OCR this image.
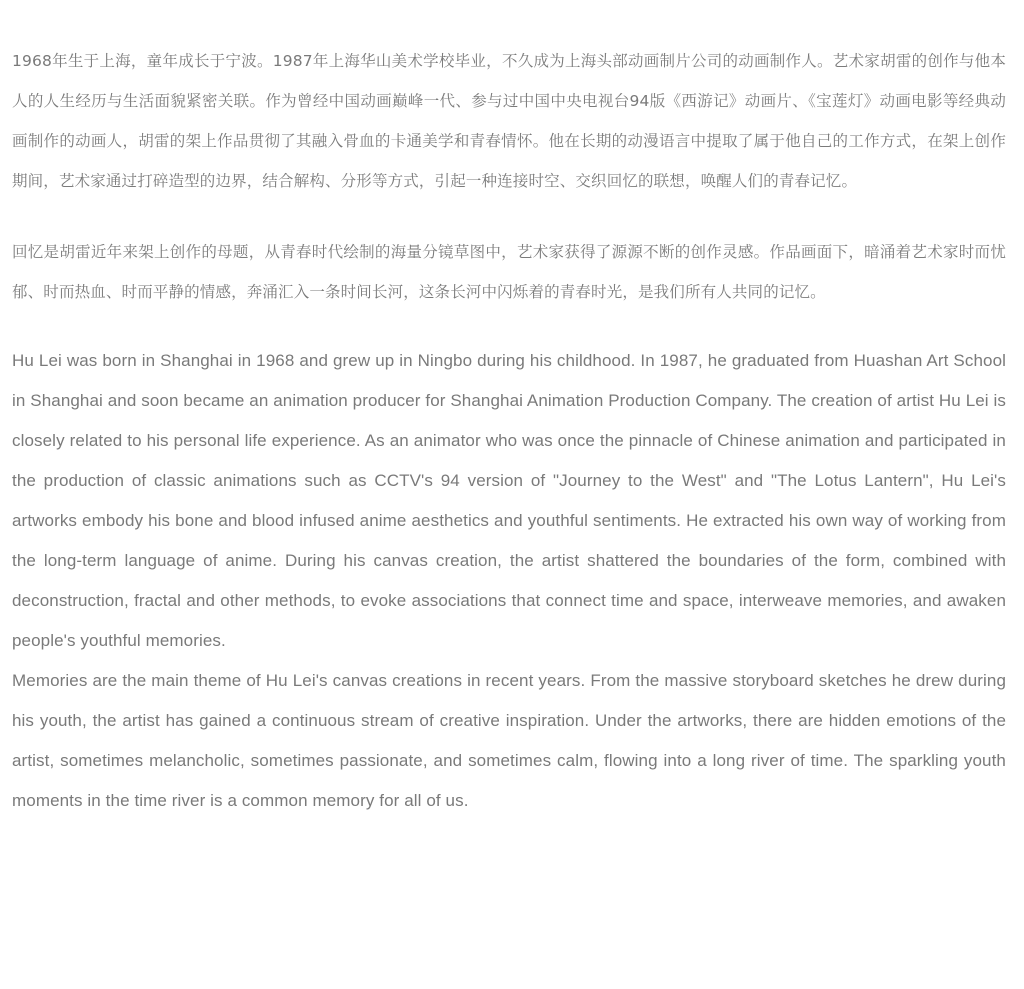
1968年生于上海，童年成长于宁波。1987年上海华山美术学校毕业，不久成为上海头部动画制片公司的动画制作人。艺术家胡雷的创作与他本人的人生经历与生活面貌紧密关联。作为曾经中国动画巅峰一代、参与过中国中央电视台94版《西游记》动画片、《宝莲灯》动画电影等经典动画制作的动画人，胡雷的架上作品贯彻了其融入骨血的卡通美学和青春情怀。他在长期的动漫语言中提取了属于他自己的工作方式，在架上创作期间，艺术家通过打碎造型的边界，结合解构、分形等方式，引起一种连接时空、交织回忆的联想，唤醒人们的青春记忆。

回忆是胡雷近年来架上创作的母题，从青春时代绘制的海量分镜草图中，艺术家获得了源源不断的创作灵感。作品画面下，暗涌着艺术家时而忧郁、时而热血、时而平静的情感，奔涌汇入一条时间长河，这条长河中闪烁着的青春时光，是我们所有人共同的记忆。

Hu Lei was born in Shanghai in 1968 and grew up in Ningbo during his childhood. In 1987, he graduated from Huashan Art School in Shanghai and soon became an animation producer for Shanghai Animation Production Company. The creation of artist Hu Lei is closely related to his personal life experience. As an animator who was once the pinnacle of Chinese animation and participated in the production of classic animations such as CCTV's 94 version of "Journey to the West" and "The Lotus Lantern", Hu Lei's artworks embody his bone and blood infused anime aesthetics and youthful sentiments. He extracted his own way of working from the long-term language of anime. During his canvas creation, the artist shattered the boundaries of the form, combined with deconstruction, fractal and other methods, to evoke associations that connect time and space, interweave memories, and awaken people's youthful memories.

Memories are the main theme of Hu Lei's canvas creations in recent years. From the massive storyboard sketches he drew during his youth, the artist has gained a continuous stream of creative inspiration. Under the artworks, there are hidden emotions of the artist, sometimes melancholic, sometimes passionate, and sometimes calm, flowing into a long river of time. The sparkling youth moments in the time river is a common memory for all of us.
